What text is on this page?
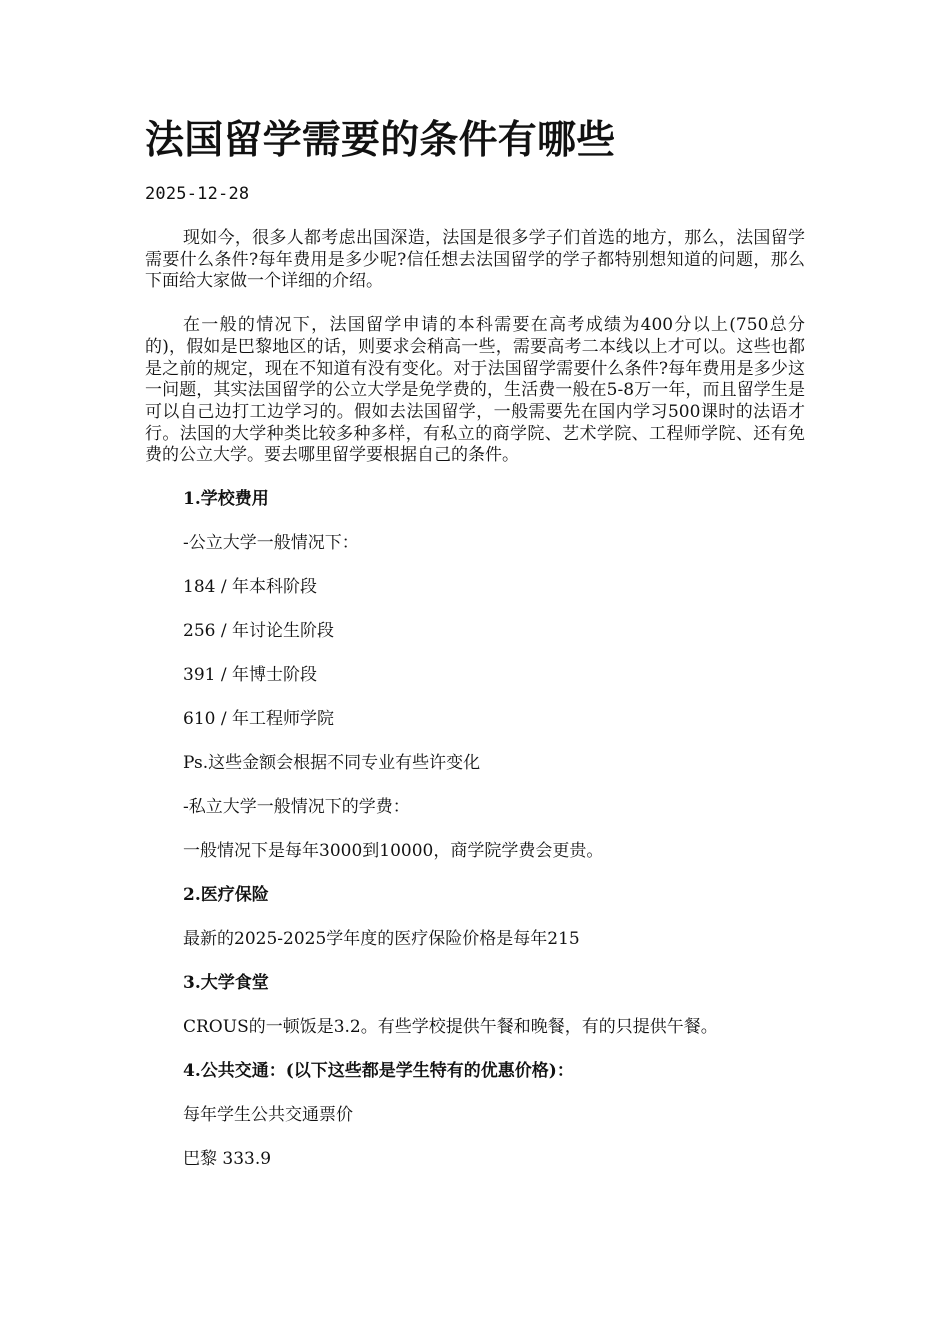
法国留学需要的条件有哪些
2025-12-28

现如今，很多人都考虑出国深造，法国是很多学子们首选的地方，那么，法国留学需要什么条件?每年费用是多少呢?信任想去法国留学的学子都特别想知道的问题，那么下面给大家做一个详细的介绍。

在一般的情况下，法国留学申请的本科需要在高考成绩为400分以上(750总分的)，假如是巴黎地区的话，则要求会稍高一些，需要高考二本线以上才可以。这些也都是之前的规定，现在不知道有没有变化。对于法国留学需要什么条件?每年费用是多少这一问题，其实法国留学的公立大学是免学费的，生活费一般在5-8万一年，而且留学生是可以自己边打工边学习的。假如去法国留学，一般需要先在国内学习500课时的法语才行。法国的大学种类比较多种多样，有私立的商学院、艺术学院、工程师学院、还有免费的公立大学。要去哪里留学要根据自己的条件。

1.学校费用
-公立大学一般情况下：
184 / 年本科阶段
256 / 年讨论生阶段
391 / 年博士阶段
610 / 年工程师学院
Ps.这些金额会根据不同专业有些许变化
-私立大学一般情况下的学费：
一般情况下是每年3000到10000，商学院学费会更贵。
2.医疗保险
最新的2025-2025学年度的医疗保险价格是每年215
3.大学食堂
CROUS的一顿饭是3.2。有些学校提供午餐和晚餐，有的只提供午餐。
4.公共交通：(以下这些都是学生特有的优惠价格)：
每年学生公共交通票价
巴黎 333.9
